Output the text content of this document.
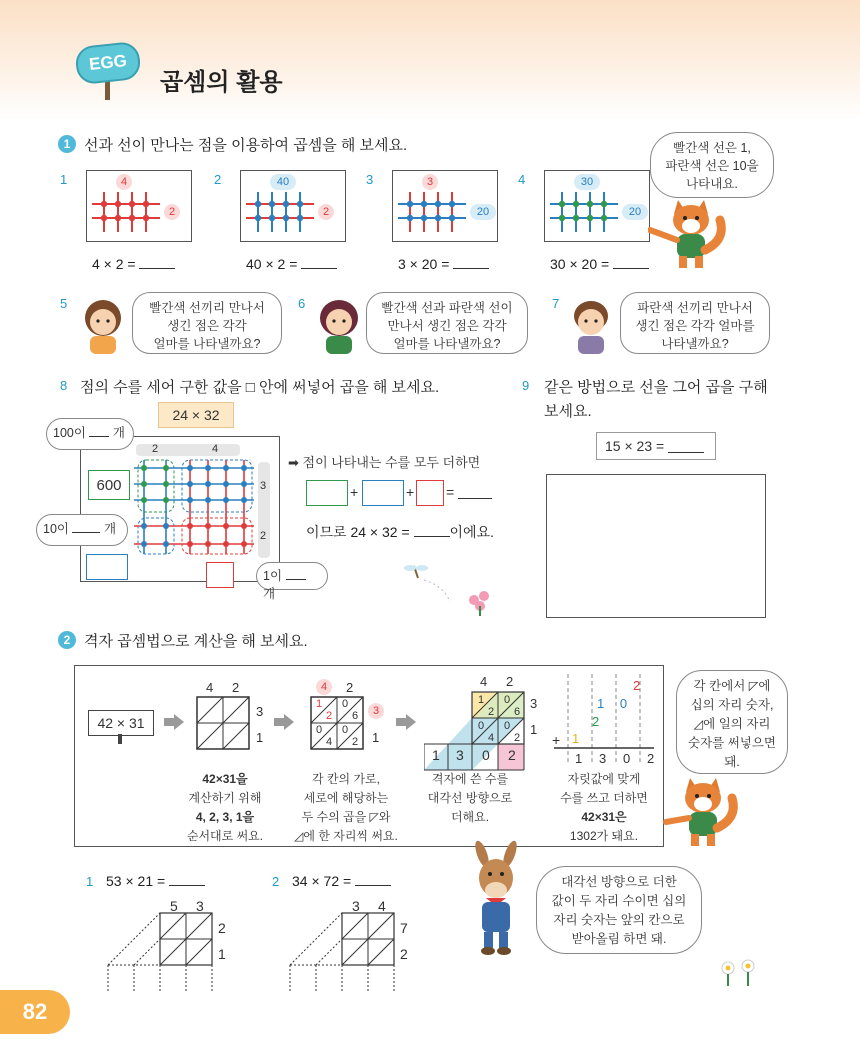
EGG
곱셈의 활용
1 선과 선이 만나는 점을 이용하여 곱셈을 해 보세요.
1	4
2
4 × 2 =
2	40
2
40 × 2 =
3	3
20
3 × 20 =
4	30
20
30 × 20 =
빨간색 선은 1,
파란색 선은 10을
나타내요.
5	빨간색 선끼리 만나서
생긴 점은 각각
얼마를 나타낼까요?
6	빨간색 선과 파란색 선이
만나서 생긴 점은 각각
얼마를 나타낼까요?
7	파란색 선끼리 만나서
생긴 점은 각각 얼마를
나타낼까요?
8 점의 수를 세어 구한 값을 □ 안에 써넣어 곱을 해 보세요.
24 × 32
2	4
3
2
100이 개
600
10이	개
1이  개
➡ 점이 나타내는 수를 모두 더하면
+	+ =
이므로 24 × 32 =	이에요.
9 같은 방법으로 선을 그어 곱을 구해
보세요.
15 × 23 =
2 격자 곱셈법으로 계산을 해 보세요.
42 × 31
4 2
3
1
42×31을
계산하기 위해
4, 2, 3, 1을
순서대로 써요.
4	2
1
2
0
6
0
4
0
2
3
1
각 칸의 가로,
세로에 해당하는
두 수의 곱을 ◸와
◿에 한 자리씩 써요.
4 2
3
1
1
2
0
6
0
4
0
2
1 3 0 2
격자에 쓴 수를
대각선 방향으로
더해요.
2
1 0
2
1
+
1 3 0 2
자릿값에 맞게
수를 쓰고 더하면
42×31은
1302가 돼요.
각 칸에서 ◸에
십의 자리 숫자,
◿에 일의 자리
숫자를 써넣으면
돼.
대각선 방향으로 더한
값이 두 자리 수이면 십의
자리 숫자는 앞의 칸으로
받아올림 하면 돼.
1 53 × 21 =
5 3
2
1
2 34 × 72 =
3 4
7
2
82
